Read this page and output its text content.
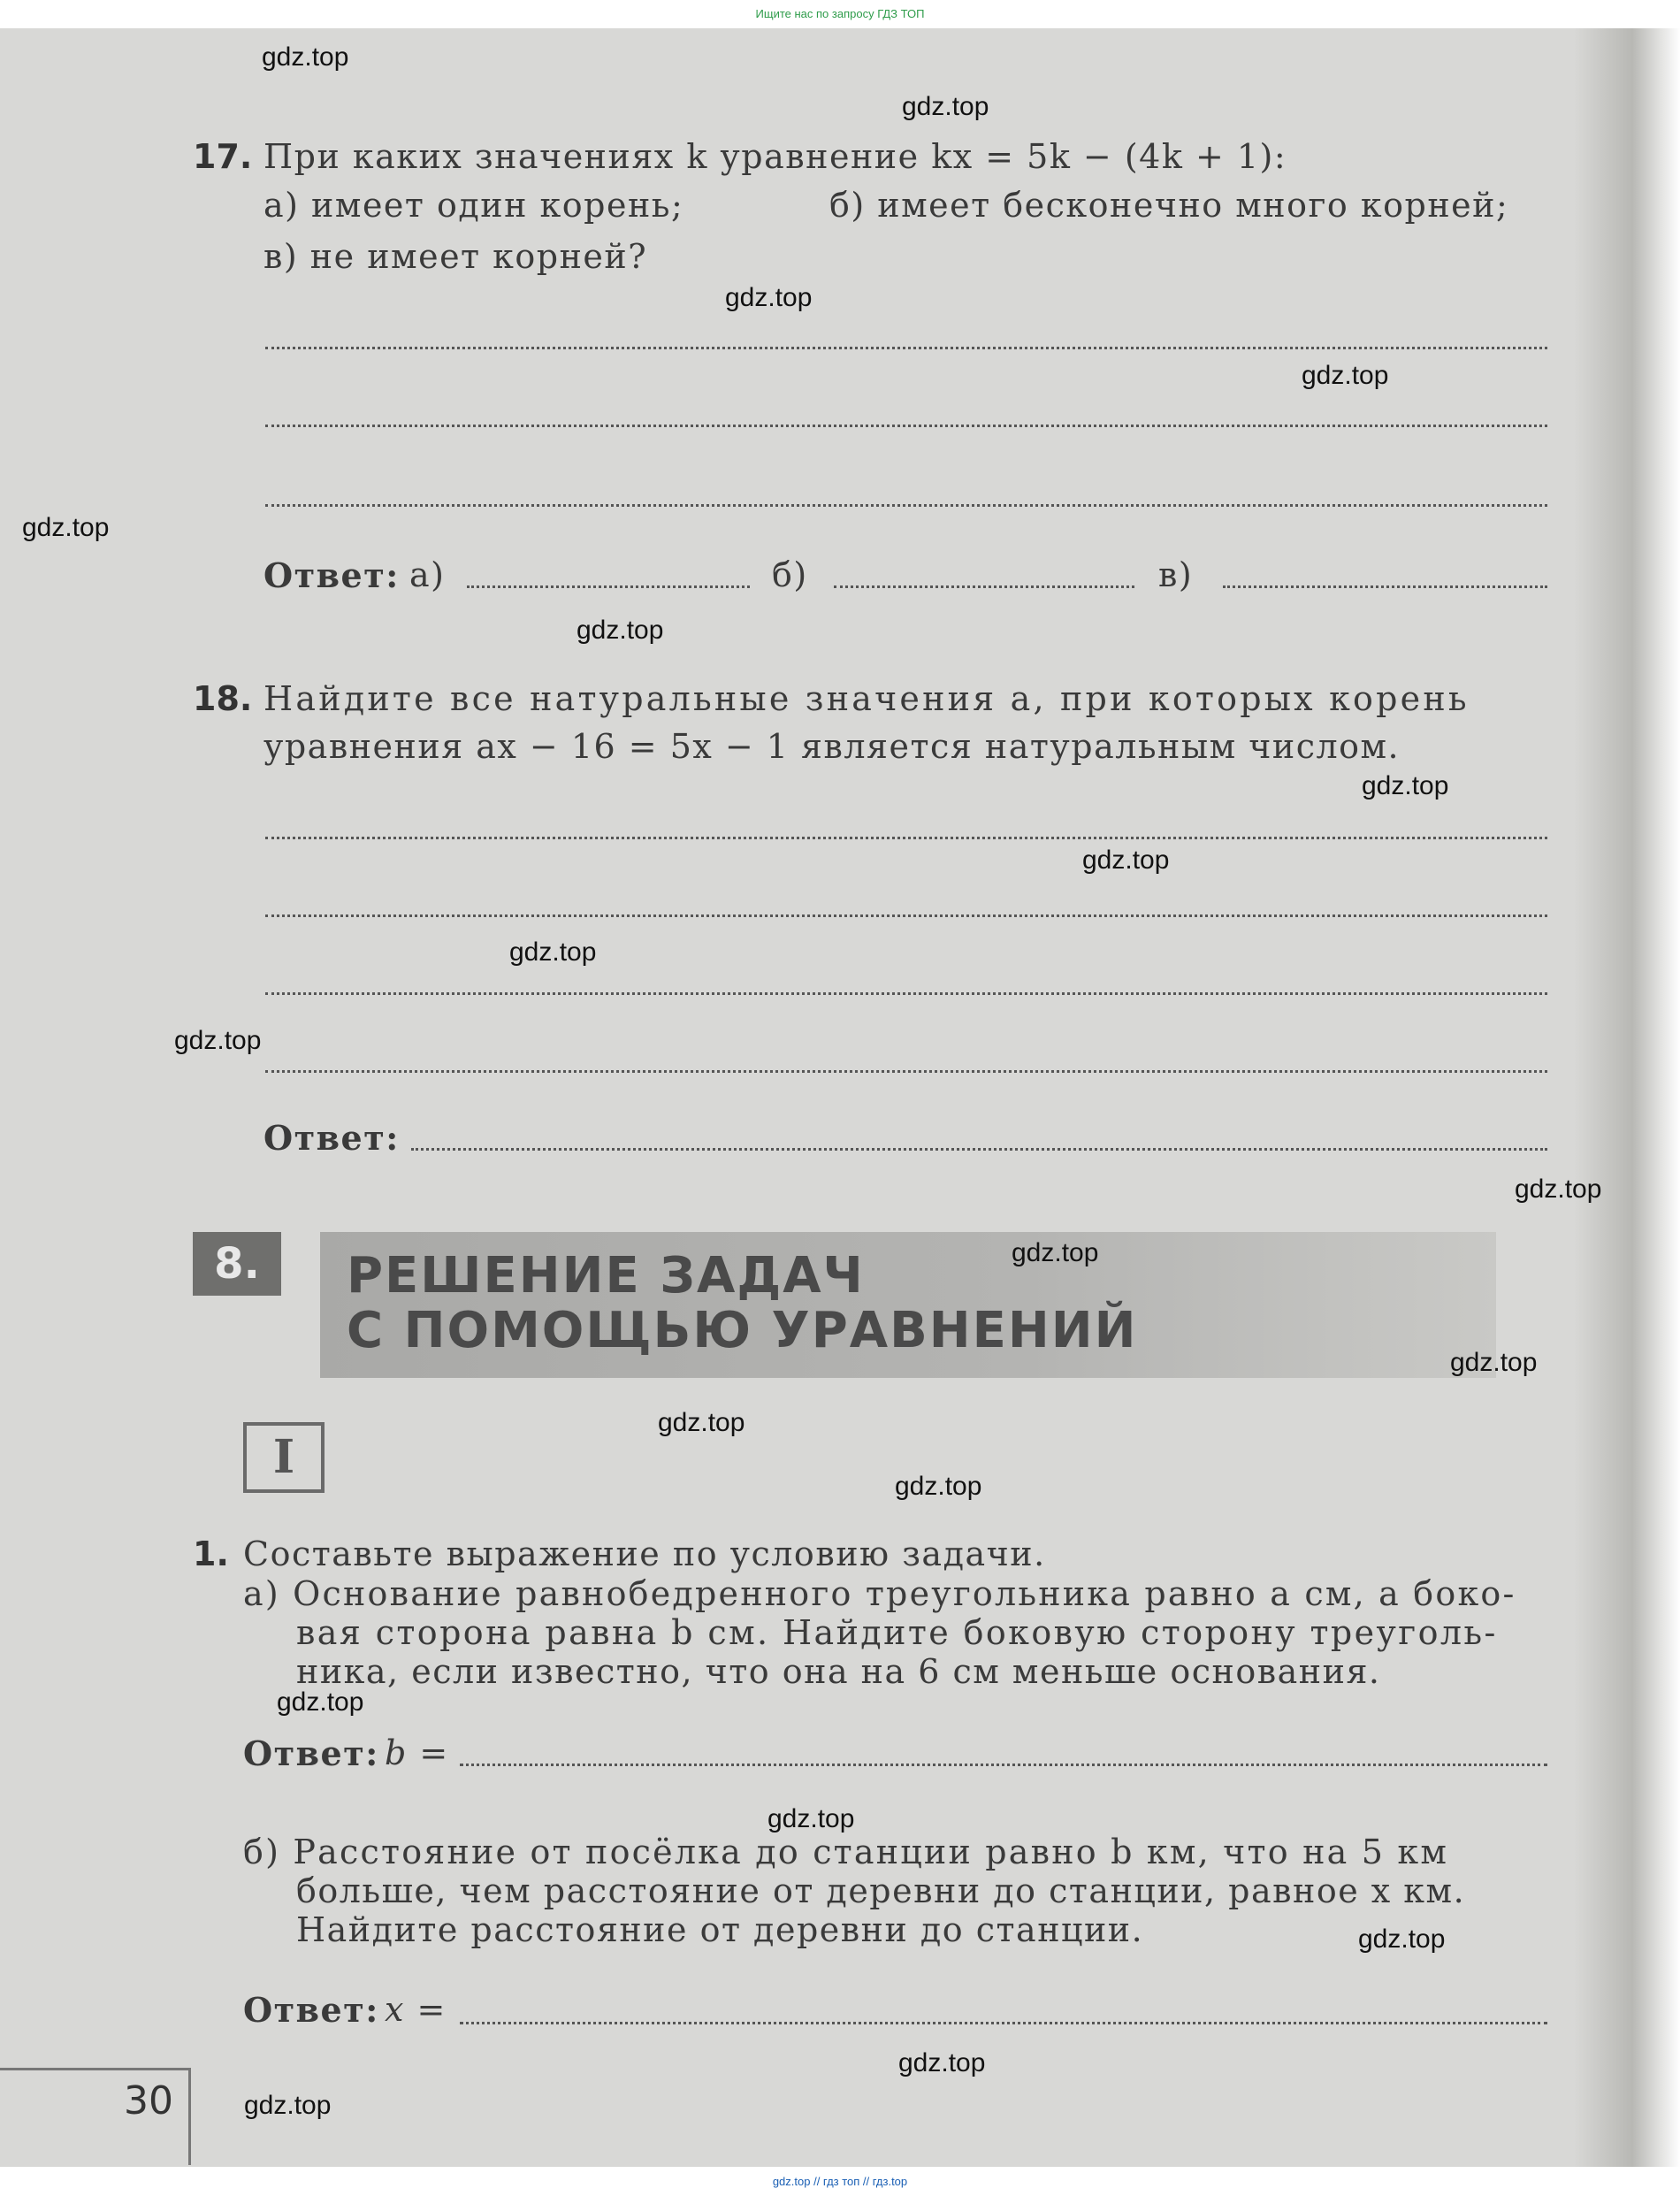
Ищите нас по запросу ГДЗ ТОП
17. При каких значениях k уравнение kx = 5k − (4k + 1):
а) имеет один корень;	б) имеет бесконечно много корней;
в) не имеет корней?
Ответ: а)	б)	в)
18. Найдите все натуральные значения a, при которых корень
уравнения ax − 16 = 5x − 1 является натуральным числом.
Ответ:
8.	РЕШЕНИЕ ЗАДАЧ
С ПОМОЩЬЮ УРАВНЕНИЙ
I
1. Составьте выражение по условию задачи.
а) Основание равнобедренного треугольника равно a см, а боко-
вая сторона равна b см. Найдите боковую сторону треуголь-
ника, если известно, что она на 6 см меньше основания.
Ответ: b =
б) Расстояние от посёлка до станции равно b км, что на 5 км
больше, чем расстояние от деревни до станции, равное x км.
Найдите расстояние от деревни до станции.
Ответ: x =
30
gdz.top
gdz.top
gdz.top
gdz.top
gdz.top
gdz.top
gdz.top
gdz.top
gdz.top
gdz.top
gdz.top
gdz.top
gdz.top
gdz.top
gdz.top
gdz.top
gdz.top
gdz.top
gdz.top
gdz.top
gdz.top // гдз топ // гдз.top
